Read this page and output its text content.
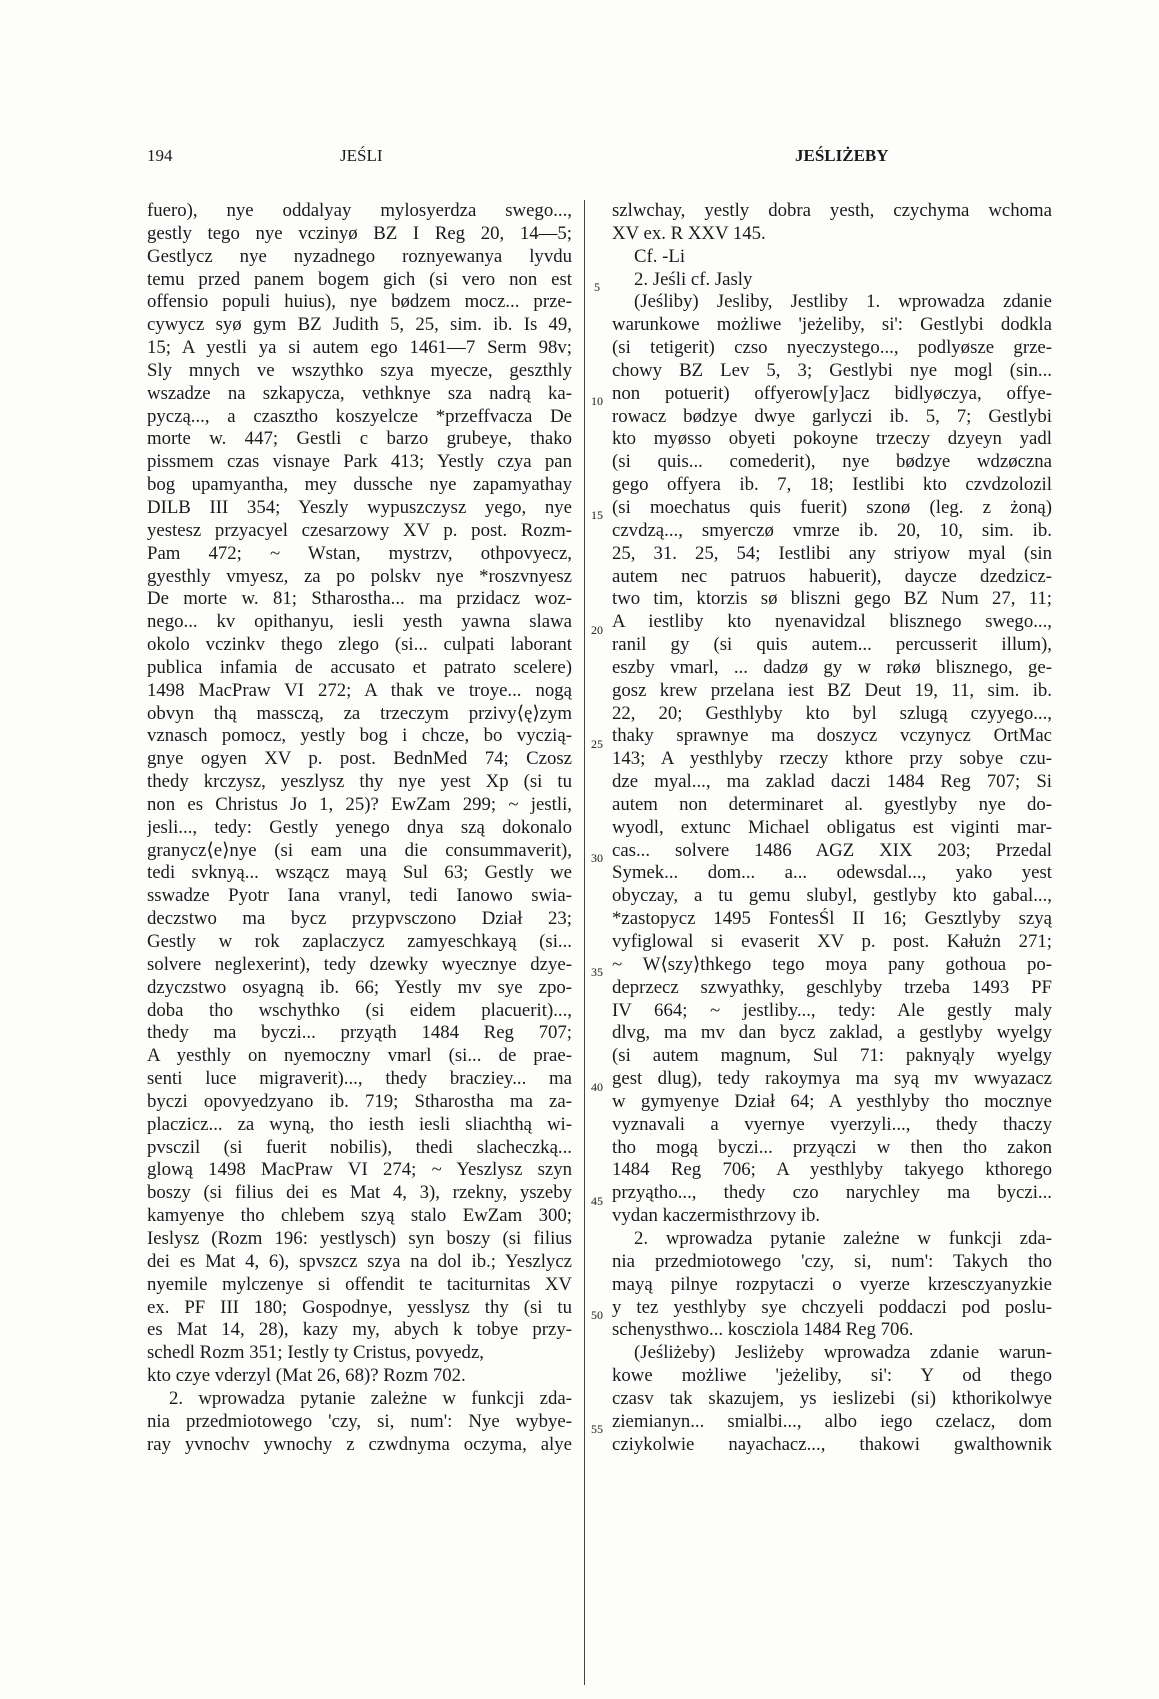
194	JEŚLI	JEŚLIŻEBY
fuero), nye oddalyay mylosyerdza swego...,
gestly tego nye vczinyø BZ I Reg 20, 14—5;
Gestlycz nye nyzadnego roznyewanya lyvdu
temu przed panem bogem gich (si vero non est
offensio populi huius), nye bødzem mocz... prze-
cywycz syø gym BZ Judith 5, 25, sim. ib. Is 49,
15; A yestli ya si autem ego 1461—7 Serm 98v;
Sly mnych ve wszythko szya myecze, geszthly
wszadze na szkapycza, vethknye sza nadrą ka-
pyczą..., a czasztho koszyelcze *przeffvacza De
morte w. 447; Gestli c barzo grubeye, thako
pissmem czas visnaye Park 413; Yestly czya pan
bog upamyantha, mey dussche nye zapamyathay
DILB III 354; Yeszly wypuszczysz yego, nye
yestesz przyacyel czesarzowy XV p. post. Rozm-
Pam 472; ~ Wstan, mystrzv, othpovyecz,
gyesthly vmyesz, za po polskv nye *roszvnyesz
De morte w. 81; Stharostha... ma przidacz woz-
nego... kv opithanyu, iesli yesth yawna slawa
okolo vczinkv thego zlego (si... culpati laborant
publica infamia de accusato et patrato scelere)
1498 MacPraw VI 272; A thak ve troye... nogą
obvyn thą massczą, za trzeczym przivy⟨ę⟩zym
vznasch pomocz, yestly bog i chcze, bo vyczią-
gnye ogyen XV p. post. BednMed 74; Czosz
thedy krczysz, yeszlysz thy nye yest Xp (si tu
non es Christus Jo 1, 25)? EwZam 299; ~ jestli,
jesli..., tedy: Gestly yenego dnya szą dokonalo
granycz⟨e⟩nye (si eam una die consummaverit),
tedi svknyą... wszącz mayą Sul 63; Gestly we
sswadze Pyotr Iana vranyl, tedi Ianowo swia-
deczstwo ma bycz przypvsczono Dział 23;
Gestly w rok zaplaczycz zamyeschkayą (si...
solvere neglexerint), tedy dzewky wyecznye dzye-
dzyczstwo osyagną ib. 66; Yestly mv sye zpo-
doba tho wschythko (si eidem placuerit)...,
thedy ma byczi... przyąth 1484 Reg 707;
A yesthly on nyemoczny vmarl (si... de prae-
senti luce migraverit)..., thedy bracziey... ma
byczi opovyedzyano ib. 719; Stharostha ma za-
placzicz... za wyną, tho iesth iesli sliachthą wi-
pvsczil (si fuerit nobilis), thedi slacheczką...
glową 1498 MacPraw VI 274; ~ Yeszlysz szyn
boszy (si filius dei es Mat 4, 3), rzekny, yszeby
kamyenye tho chlebem szyą stalo EwZam 300;
Ieslysz (Rozm 196: yestlysch) syn boszy (si filius
dei es Mat 4, 6), spvszcz szya na dol ib.; Yeszlycz
nyemile mylczenye si offendit te taciturnitas XV
ex. PF III 180; Gospodnye, yesslysz thy (si tu
es Mat 14, 28), kazy my, abych k tobye przy-
schedl Rozm 351; Iestly ty Cristus, povyedz,
kto czye vderzyl (Mat 26, 68)? Rozm 702.
2. wprowadza pytanie zależne w funkcji zda-
nia przedmiotowego 'czy, si, num': Nye wybye-
ray yvnochv ywnochy z czwdnyma oczyma, alye
5
10
15
20
25
30
35
40
45
50
55
szlwchay, yestly dobra yesth, czychyma wchoma
XV ex. R XXV 145.
Cf. -Li
2. Jeśli cf. Jasly
(Jeśliby) Jesliby, Jestliby 1. wprowadza zdanie
warunkowe możliwe 'jeżeliby, si': Gestlybi dodkla
(si tetigerit) czso nyeczystego..., podlyøsze grze-
chowy BZ Lev 5, 3; Gestlybi nye mogl (sin...
non potuerit) offyerow[y]acz bidlyøczya, offye-
rowacz bødzye dwye garlyczi ib. 5, 7; Gestlybi
kto myøsso obyeti pokoyne trzeczy dzyeyn yadl
(si quis... comederit), nye bødzye wdzøczna
gego offyera ib. 7, 18; Iestlibi kto czvdzolozil
(si moechatus quis fuerit) szonø (leg. z żoną)
czvdzą..., smyerczø vmrze ib. 20, 10, sim. ib.
25, 31. 25, 54; Iestlibi any striyow myal (sin
autem nec patruos habuerit), daycze dzedzicz-
two tim, ktorzis sø bliszni gego BZ Num 27, 11;
A iestliby kto nyenavidzal blisznego swego...,
ranil gy (si quis autem... percusserit illum),
eszby vmarl, ... dadzø gy w røkø blisznego, ge-
gosz krew przelana iest BZ Deut 19, 11, sim. ib.
22, 20; Gesthlyby kto byl szlugą czyyego...,
thaky sprawnye ma doszycz vczynycz OrtMac
143; A yesthlyby rzeczy kthore przy sobye czu-
dze myal..., ma zaklad daczi 1484 Reg 707; Si
autem non determinaret al. gyestlyby nye do-
wyodl, extunc Michael obligatus est viginti mar-
cas... solvere 1486 AGZ XIX 203; Przedal
Symek... dom... a... odewsdal..., yako yest
obyczay, a tu gemu slubyl, gestlyby kto gabal...,
*zastopycz 1495 FontesŚl II 16; Gesztlyby szyą
vyfiglowal si evaserit XV p. post. Kałużn 271;
~ W⟨szy⟩thkego tego moya pany gothoua po-
deprzecz szwyathky, geschlyby trzeba 1493 PF
IV 664; ~ jestliby..., tedy: Ale gestly maly
dlvg, ma mv dan bycz zaklad, a gestlyby wyelgy
(si autem magnum, Sul 71: paknyąly wyelgy
gest dlug), tedy rakoymya ma syą mv wwyazacz
w gymyenye Dział 64; A yesthlyby tho mocznye
vyznavali a vyernye vyerzyli..., thedy thaczy
tho mogą byczi... przyączi w then tho zakon
1484 Reg 706; A yesthlyby takyego kthorego
przyątho..., thedy czo narychley ma byczi...
vydan kaczermisthrzovy ib.
2. wprowadza pytanie zależne w funkcji zda-
nia przedmiotowego 'czy, si, num': Takych tho
mayą pilnye rozpytaczi o vyerze krzesczyanyzkie
y tez yesthlyby sye chczyeli poddaczi pod poslu-
schenysthwo... koscziola 1484 Reg 706.
(Jeśliżeby) Jesliżeby wprowadza zdanie warun-
kowe możliwe 'jeżeliby, si': Y od thego
czasv tak skazujem, ys ieslizebi (si) kthorikolwye
ziemianyn... smialbi..., albo iego czelacz, dom
cziykolwie nayachacz..., thakowi gwalthownik
